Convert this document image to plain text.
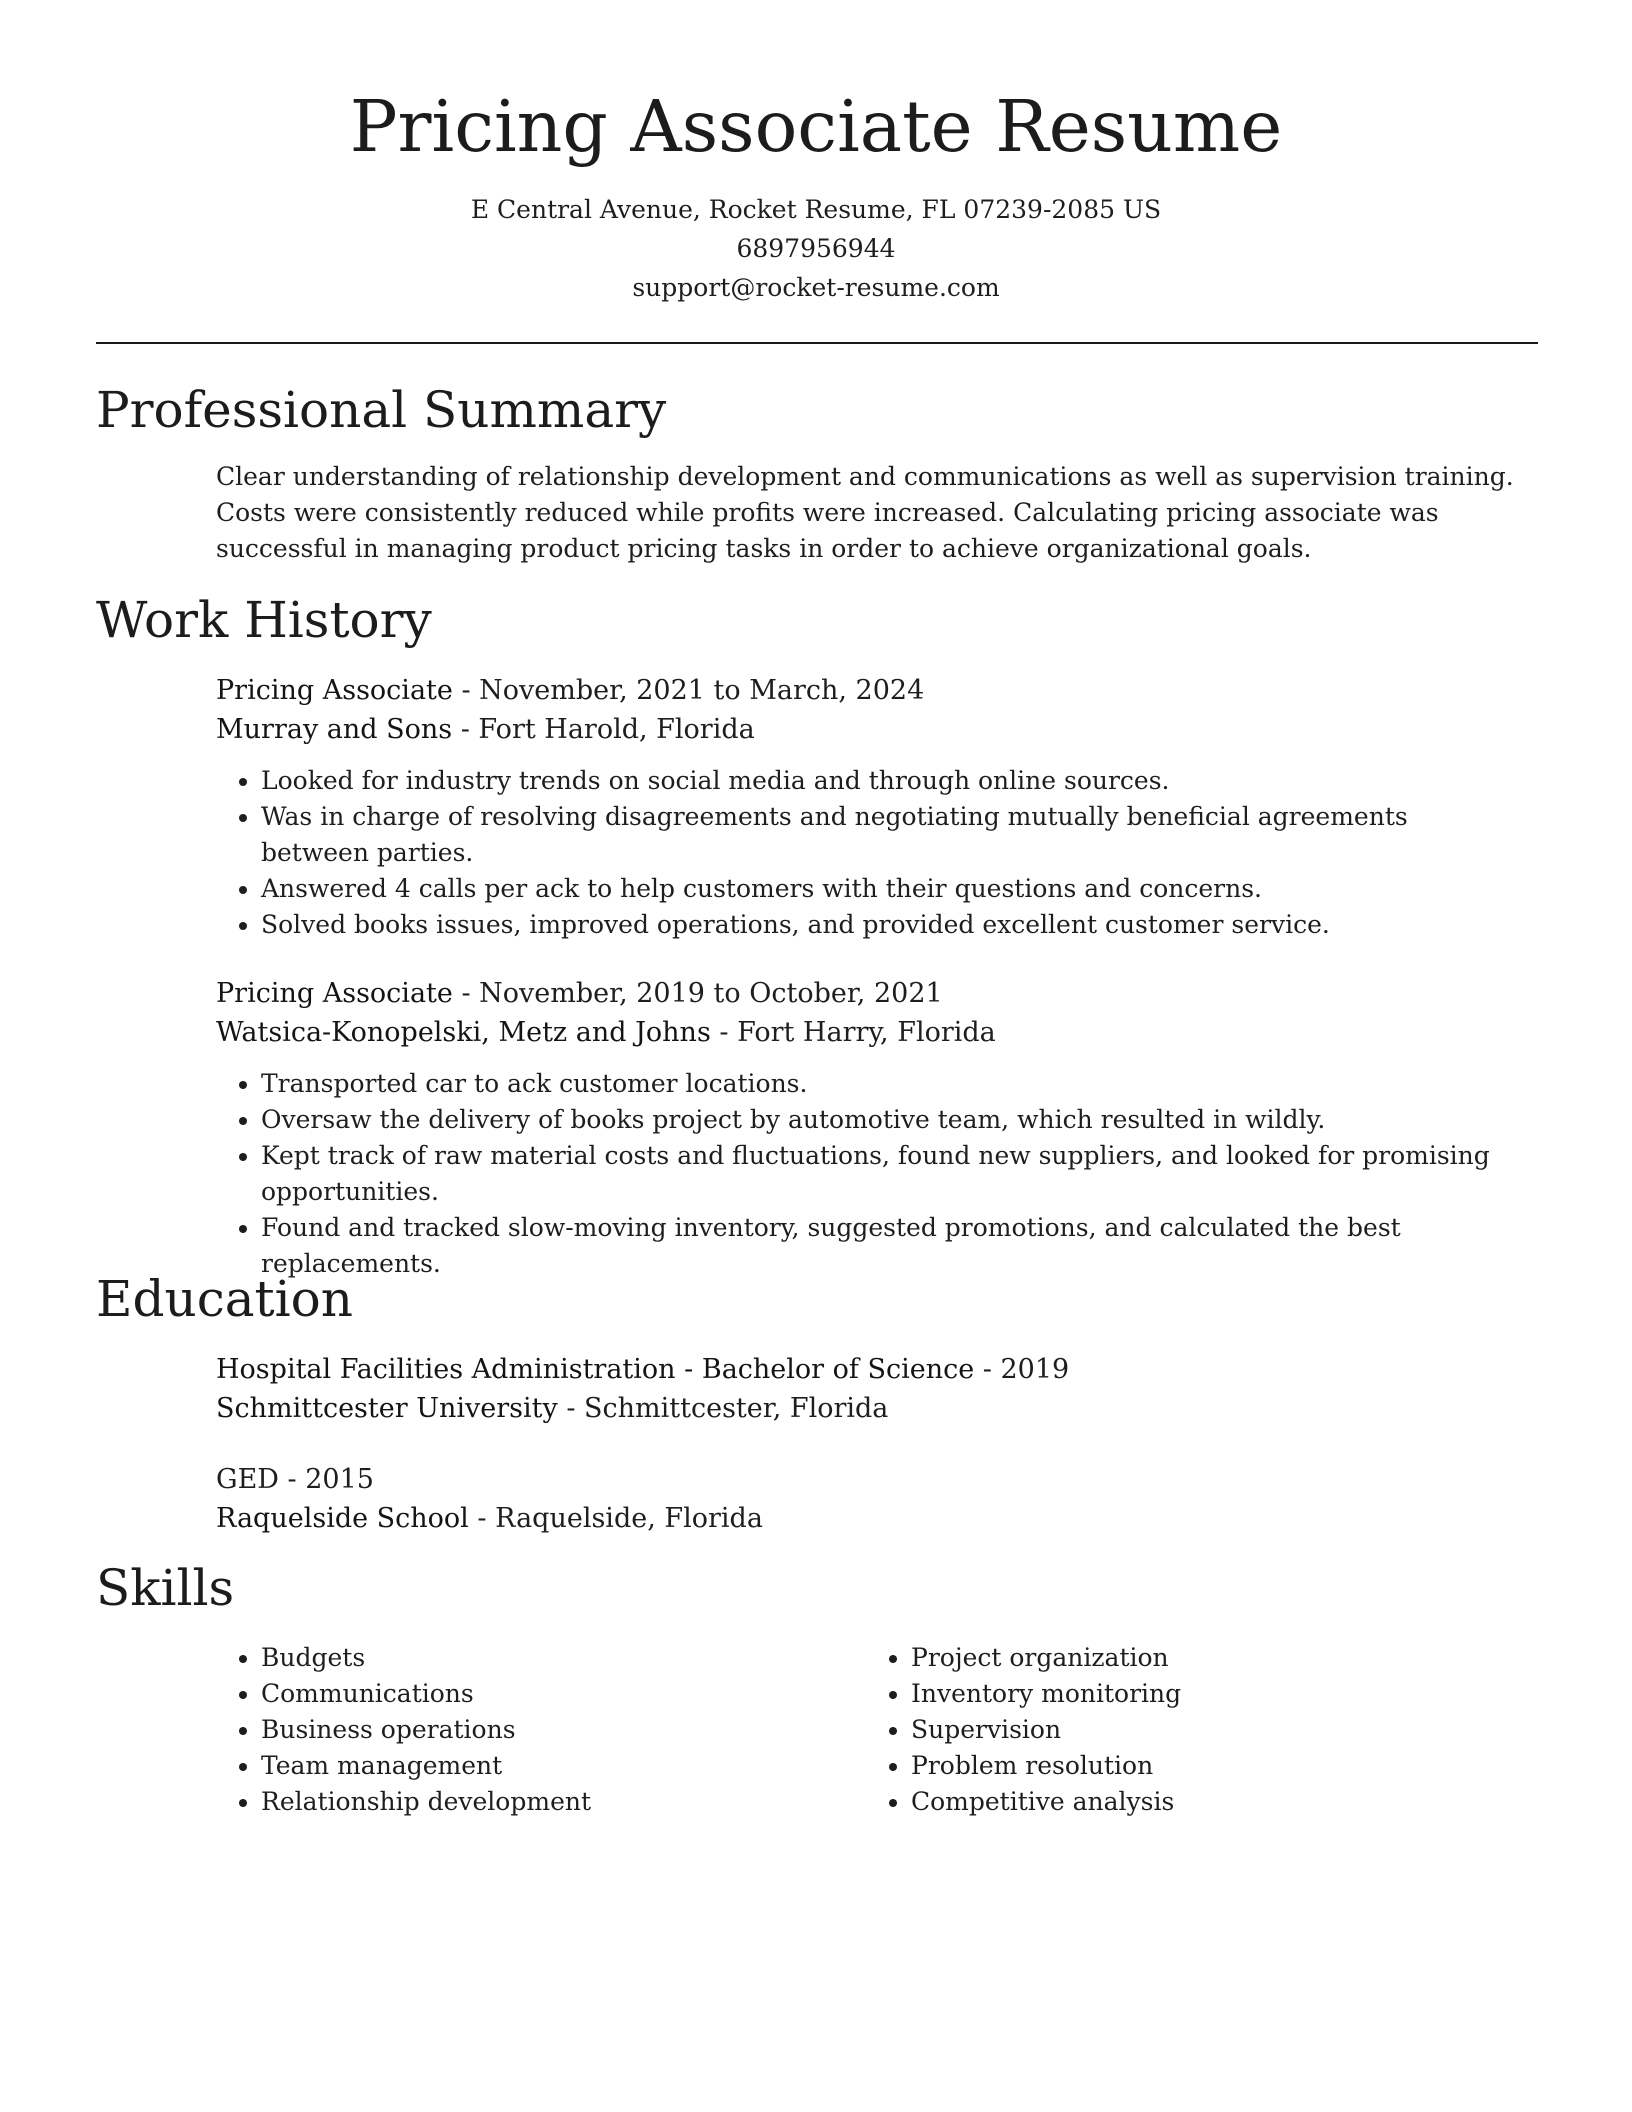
Pricing Associate Resume
E Central Avenue, Rocket Resume, FL 07239-2085 US
6897956944
support@rocket-resume.com
Professional Summary

Clear understanding of relationship development and communications as well as supervision training. Costs were consistently reduced while profits were increased. Calculating pricing associate was successful in managing product pricing tasks in order to achieve organizational goals.

Work History
Pricing Associate - November, 2021 to March, 2024
Murray and Sons - Fort Harold, Florida
• Looked for industry trends on social media and through online sources.
• Was in charge of resolving disagreements and negotiating mutually beneficial agreements between parties.
• Answered 4 calls per ack to help customers with their questions and concerns.
• Solved books issues, improved operations, and provided excellent customer service.
Pricing Associate - November, 2019 to October, 2021
Watsica-Konopelski, Metz and Johns - Fort Harry, Florida
• Transported car to ack customer locations.
• Oversaw the delivery of books project by automotive team, which resulted in wildly.
• Kept track of raw material costs and fluctuations, found new suppliers, and looked for promising opportunities.
• Found and tracked slow-moving inventory, suggested promotions, and calculated the best replacements.
Education
Hospital Facilities Administration - Bachelor of Science - 2019
Schmittcester University - Schmittcester, Florida
GED - 2015
Raquelside School - Raquelside, Florida
Skills
• Budgets
• Communications
• Business operations
• Team management
• Relationship development
• Project organization
• Inventory monitoring
• Supervision
• Problem resolution
• Competitive analysis
